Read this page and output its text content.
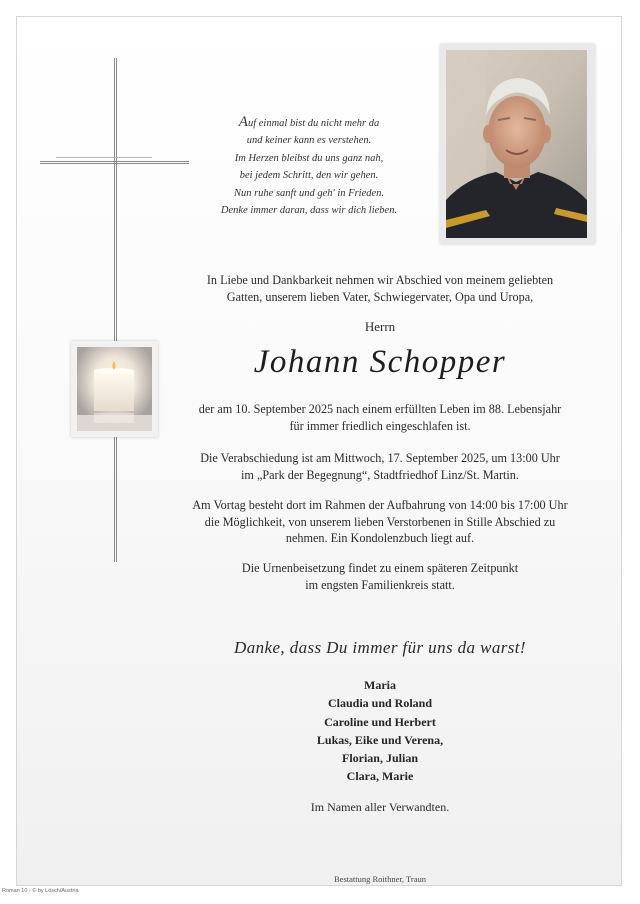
Auf einmal bist du nicht mehr da
und keiner kann es verstehen.
Im Herzen bleibst du uns ganz nah,
bei jedem Schritt, den wir gehen.
Nun ruhe sanft und geh' in Frieden.
Denke immer daran, dass wir dich lieben.
In Liebe und Dankbarkeit nehmen wir Abschied von meinem geliebten
Gatten, unserem lieben Vater, Schwiegervater, Opa und Uropa,
Herrn
Johann Schopper
der am 10. September 2025 nach einem erfüllten Leben im 88. Lebensjahr
für immer friedlich eingeschlafen ist.
Die Verabschiedung ist am Mittwoch, 17. September 2025, um 13:00 Uhr
im „Park der Begegnung“, Stadtfriedhof Linz/St. Martin.
Am Vortag besteht dort im Rahmen der Aufbahrung von 14:00 bis 17:00 Uhr
die Möglichkeit, von unserem lieben Verstorbenen in Stille Abschied zu
nehmen. Ein Kondolenzbuch liegt auf.
Die Urnenbeisetzung findet zu einem späteren Zeitpunkt
im engsten Familienkreis statt.
Danke, dass Du immer für uns da warst!
Maria
Claudia und Roland
Caroline und Herbert
Lukas, Eike und Verena,
Florian, Julian
Clara, Marie
Im Namen aller Verwandten.
Bestattung Roithner, Traun
Roman 10 - © by Lösch/Austria
